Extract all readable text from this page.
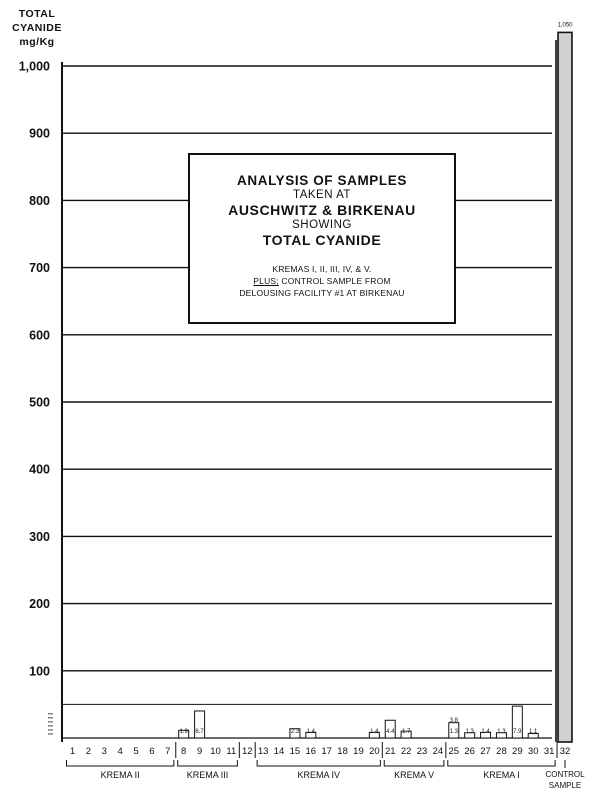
100
200
300
400
500
600
700
800
900
1,000
1 2 3 4 5 6 7
1.9
8
6.7
9 10 11 12 13 14
2.3
15
1.4
16 17 18 19
1.4
20
4.4
21
1.7
22 23 24
3.8
1.3
25
1.3
26
1.4
27
1.3
28
7.9
29
1.1
30 31
1,050
32
KREMA II	KREMA III	KREMA IV	KREMA V	KREMA I	CONTROL
SAMPLE
TOTAL
CYANIDE
mg/Kg
ANALYSIS OF SAMPLES
TAKEN AT
AUSCHWITZ & BIRKENAU
SHOWING
TOTAL CYANIDE
KREMAS I, II, III, IV, & V.
PLUS; CONTROL SAMPLE FROM
DELOUSING FACILITY #1 AT BIRKENAU
